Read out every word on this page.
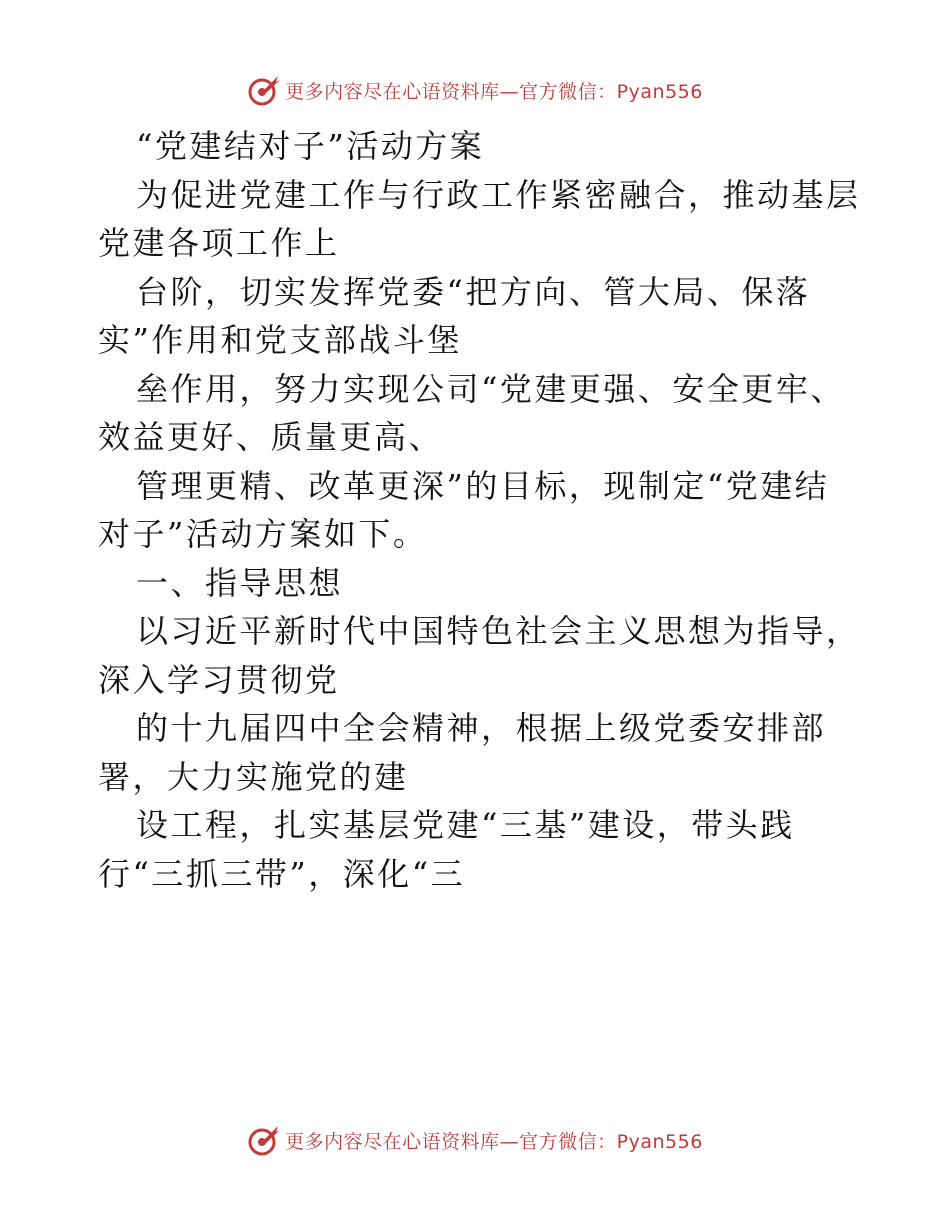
更多内容尽在心语资料库—官方微信：Pyan556
“党建结对子”活动方案
为促进党建工作与行政工作紧密融合，推动基层
党建各项工作上
台阶，切实发挥党委“把方向、管大局、保落
实”作用和党支部战斗堡
垒作用，努力实现公司“党建更强、安全更牢、
效益更好、质量更高、
管理更精、改革更深”的目标，现制定“党建结
对子”活动方案如下。
一、指导思想
以习近平新时代中国特色社会主义思想为指导，
深入学习贯彻党
的十九届四中全会精神，根据上级党委安排部
署，大力实施党的建
设工程，扎实基层党建“三基”建设，带头践
行“三抓三带”，深化“三
更多内容尽在心语资料库—官方微信：Pyan556
